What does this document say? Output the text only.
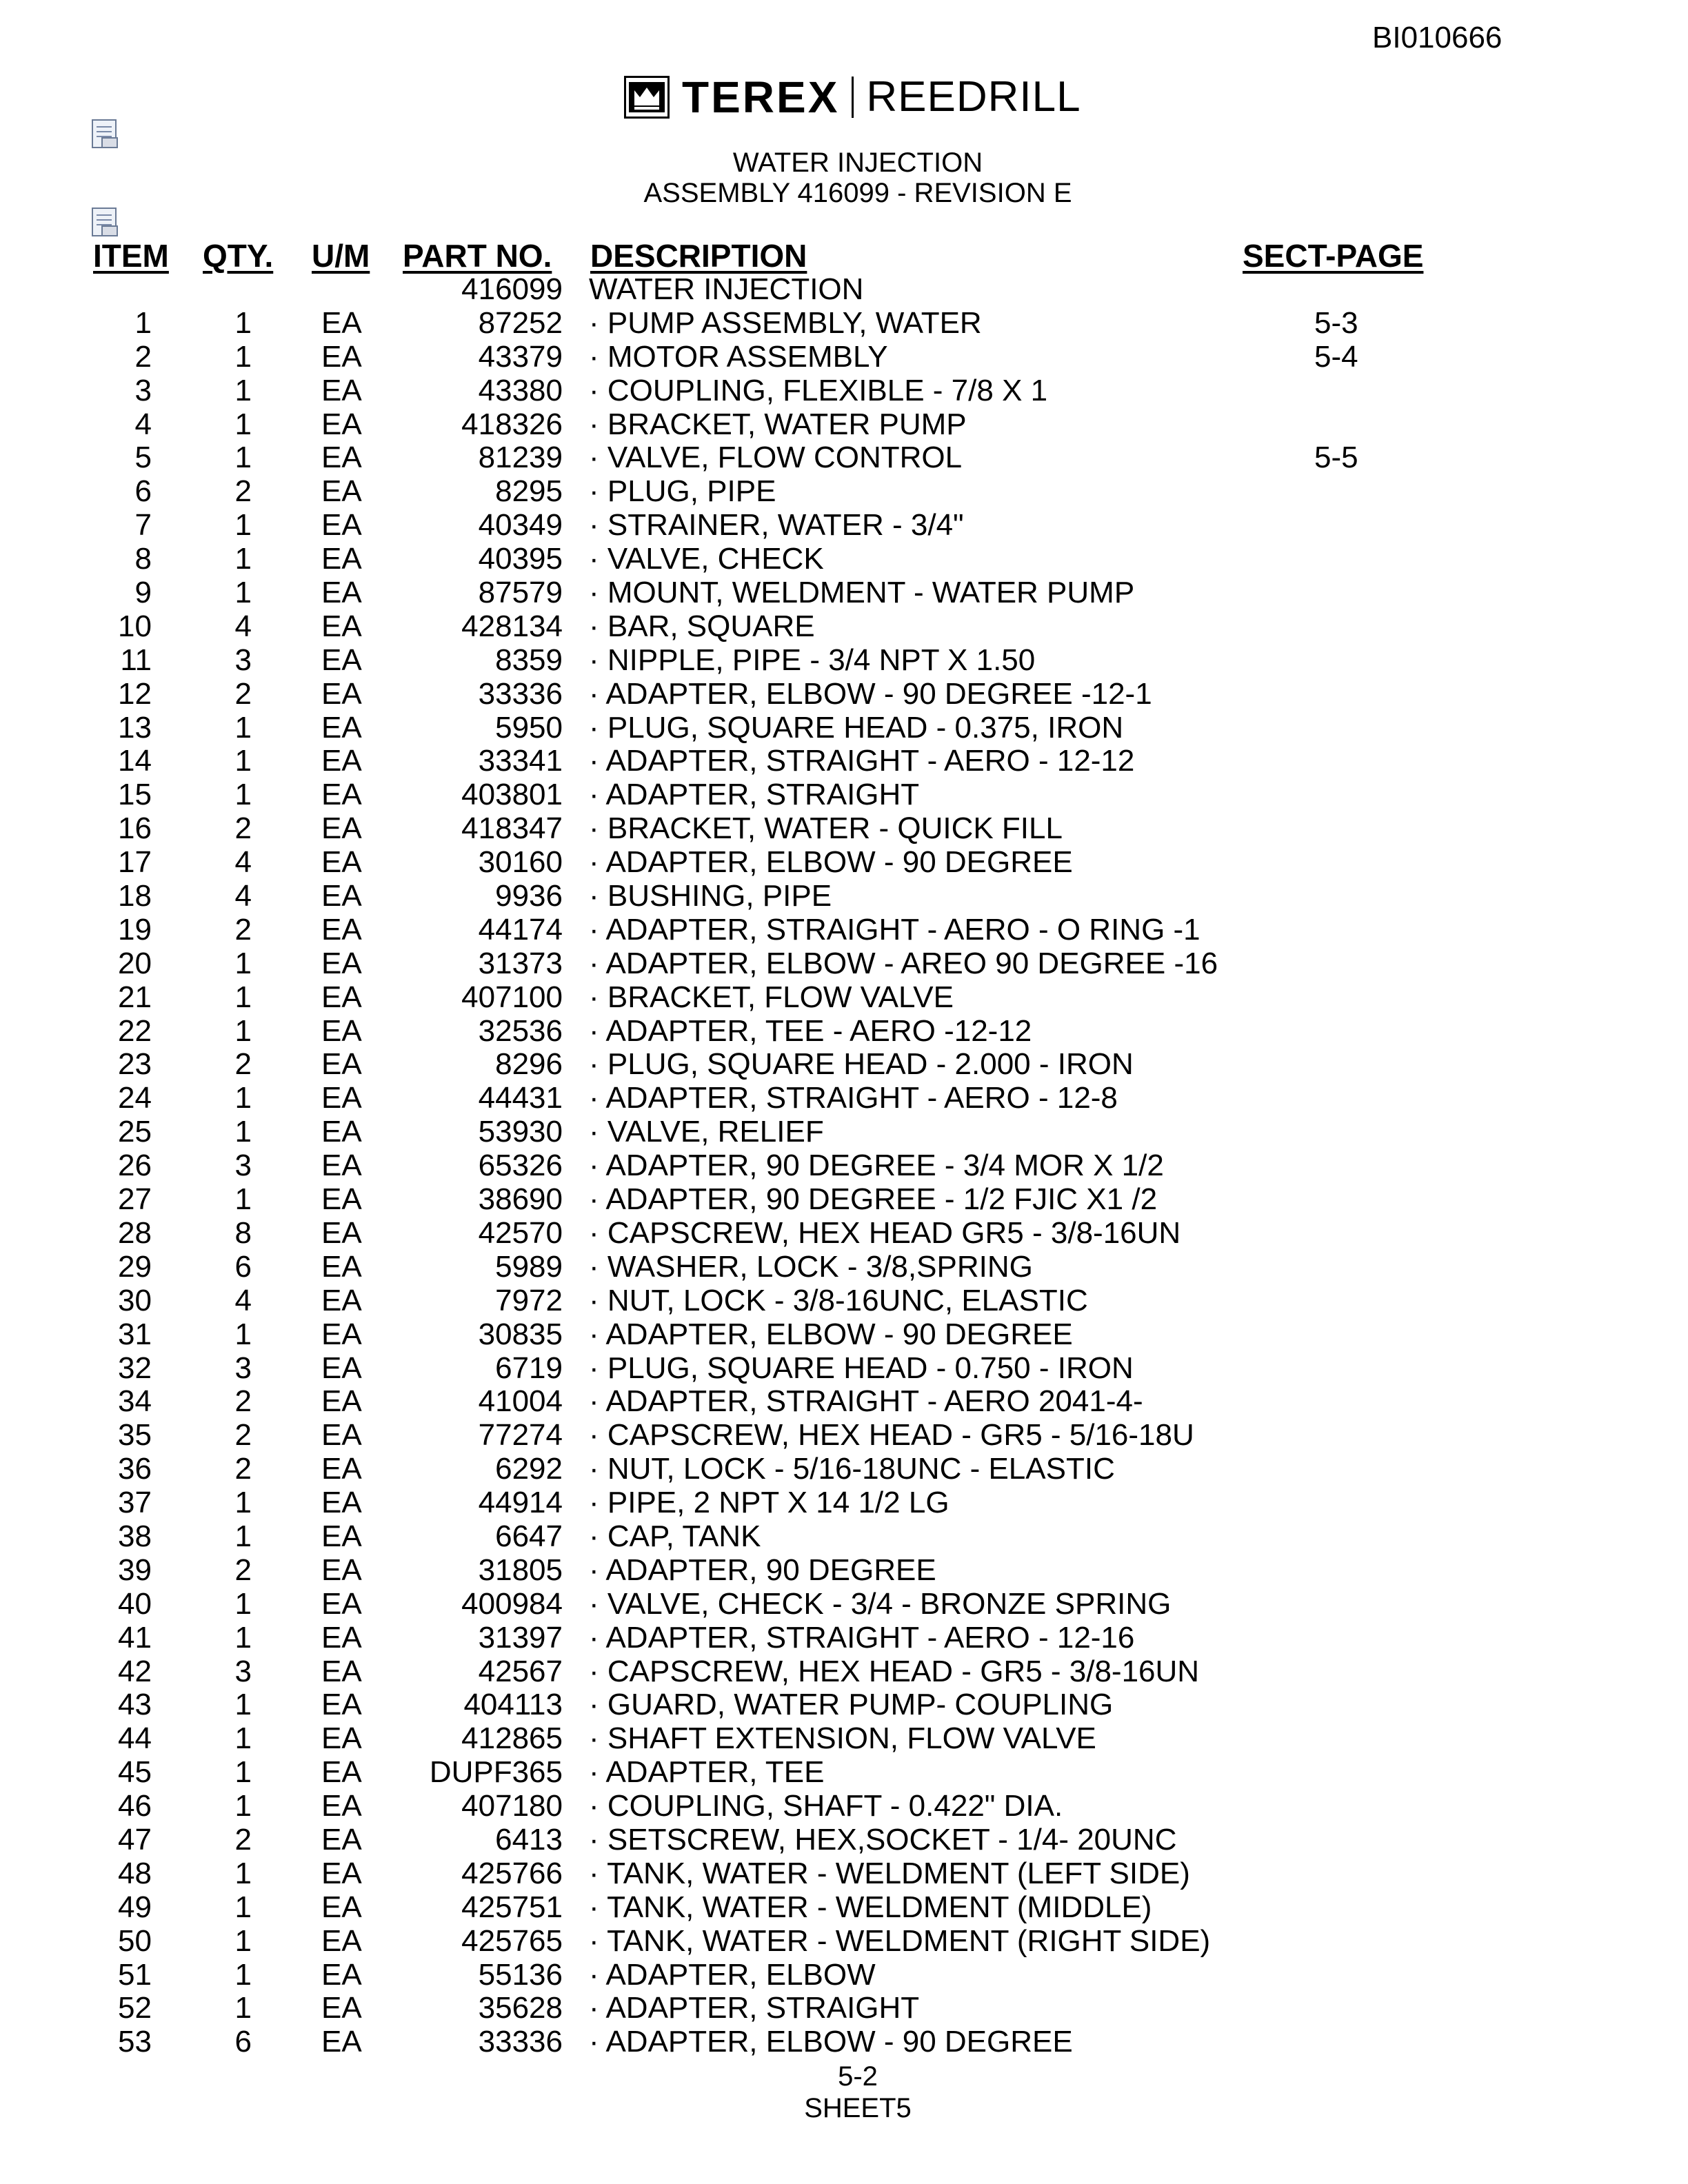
BI010666
TEREX REEDRILL
WATER INJECTION
ASSEMBLY 416099 - REVISION E
ITEM QTY. U/M PART NO. DESCRIPTION	SECT-PAGE
416099 WATER INJECTION
1	1 EA	87252 · PUMP ASSEMBLY, WATER	5-3
2	1 EA	43379 · MOTOR ASSEMBLY	5-4
3	1 EA	43380 · COUPLING, FLEXIBLE - 7/8 X 1
4	1 EA	418326 · BRACKET, WATER PUMP
5	1 EA	81239 · VALVE, FLOW CONTROL	5-5
6	2 EA	8295 · PLUG, PIPE
7	1 EA	40349 · STRAINER, WATER - 3/4"
8	1 EA	40395 · VALVE, CHECK
9	1 EA	87579 · MOUNT, WELDMENT - WATER PUMP
10	4 EA	428134 · BAR, SQUARE
11	3 EA	8359 · NIPPLE, PIPE - 3/4 NPT X 1.50
12	2 EA	33336 · ADAPTER, ELBOW - 90 DEGREE -12-1
13	1 EA	5950 · PLUG, SQUARE HEAD - 0.375, IRON
14	1 EA	33341 · ADAPTER, STRAIGHT - AERO - 12-12
15	1 EA	403801 · ADAPTER, STRAIGHT
16	2 EA	418347 · BRACKET, WATER - QUICK FILL
17	4 EA	30160 · ADAPTER, ELBOW - 90 DEGREE
18	4 EA	9936 · BUSHING, PIPE
19	2 EA	44174 · ADAPTER, STRAIGHT - AERO - O RING -1
20	1 EA	31373 · ADAPTER, ELBOW - AREO 90 DEGREE -16
21	1 EA	407100 · BRACKET, FLOW VALVE
22	1 EA	32536 · ADAPTER, TEE - AERO -12-12
23	2 EA	8296 · PLUG, SQUARE HEAD - 2.000 - IRON
24	1 EA	44431 · ADAPTER, STRAIGHT - AERO - 12-8
25	1 EA	53930 · VALVE, RELIEF
26	3 EA	65326 · ADAPTER, 90 DEGREE - 3/4 MOR X 1/2
27	1 EA	38690 · ADAPTER, 90 DEGREE - 1/2 FJIC X1 /2
28	8 EA	42570 · CAPSCREW, HEX HEAD GR5 - 3/8-16UN
29	6 EA	5989 · WASHER, LOCK - 3/8,SPRING
30	4 EA	7972 · NUT, LOCK - 3/8-16UNC, ELASTIC
31	1 EA	30835 · ADAPTER, ELBOW - 90 DEGREE
32	3 EA	6719 · PLUG, SQUARE HEAD - 0.750 - IRON
34	2 EA	41004 · ADAPTER, STRAIGHT - AERO 2041-4-
35	2 EA	77274 · CAPSCREW, HEX HEAD - GR5 - 5/16-18U
36	2 EA	6292 · NUT, LOCK - 5/16-18UNC - ELASTIC
37	1 EA	44914 · PIPE, 2 NPT X 14 1/2 LG
38	1 EA	6647 · CAP, TANK
39	2 EA	31805 · ADAPTER, 90 DEGREE
40	1 EA	400984 · VALVE, CHECK - 3/4 - BRONZE SPRING
41	1 EA	31397 · ADAPTER, STRAIGHT - AERO - 12-16
42	3 EA	42567 · CAPSCREW, HEX HEAD - GR5 - 3/8-16UN
43	1 EA	404113 · GUARD, WATER PUMP- COUPLING
44	1 EA	412865 · SHAFT EXTENSION, FLOW VALVE
45	1 EA	DUPF365 · ADAPTER, TEE
46	1 EA	407180 · COUPLING, SHAFT - 0.422" DIA.
47	2 EA	6413 · SETSCREW, HEX,SOCKET - 1/4- 20UNC
48	1 EA	425766 · TANK, WATER - WELDMENT (LEFT SIDE)
49	1 EA	425751 · TANK, WATER - WELDMENT (MIDDLE)
50	1 EA	425765 · TANK, WATER - WELDMENT (RIGHT SIDE)
51	1 EA	55136 · ADAPTER, ELBOW
52	1 EA	35628 · ADAPTER, STRAIGHT
53	6 EA	33336 · ADAPTER, ELBOW - 90 DEGREE
5-2
SHEET5
